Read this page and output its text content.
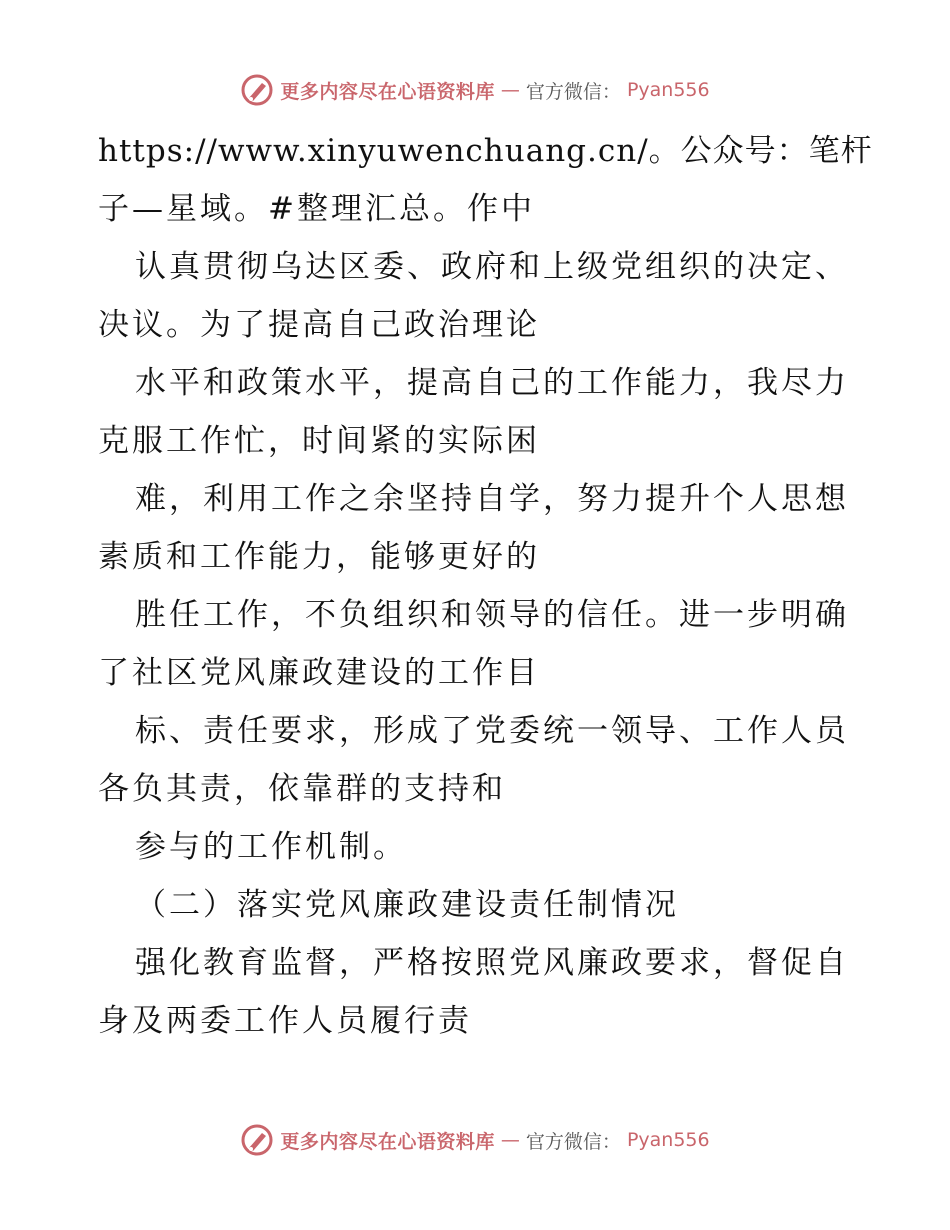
更多内容尽在心语资料库 — 官方微信： Pyan556
https://www.xinyuwenchuang.cn/。公众号：笔杆
子—星域。#整理汇总。作中
认真贯彻乌达区委、政府和上级党组织的决定、
决议。为了提高自己政治理论
水平和政策水平，提高自己的工作能力，我尽力
克服工作忙，时间紧的实际困
难，利用工作之余坚持自学，努力提升个人思想
素质和工作能力，能够更好的
胜任工作，不负组织和领导的信任。进一步明确
了社区党风廉政建设的工作目
标、责任要求，形成了党委统一领导、工作人员
各负其责，依靠群的支持和
参与的工作机制。
（二）落实党风廉政建设责任制情况
强化教育监督，严格按照党风廉政要求，督促自
身及两委工作人员履行责
更多内容尽在心语资料库 — 官方微信： Pyan556
